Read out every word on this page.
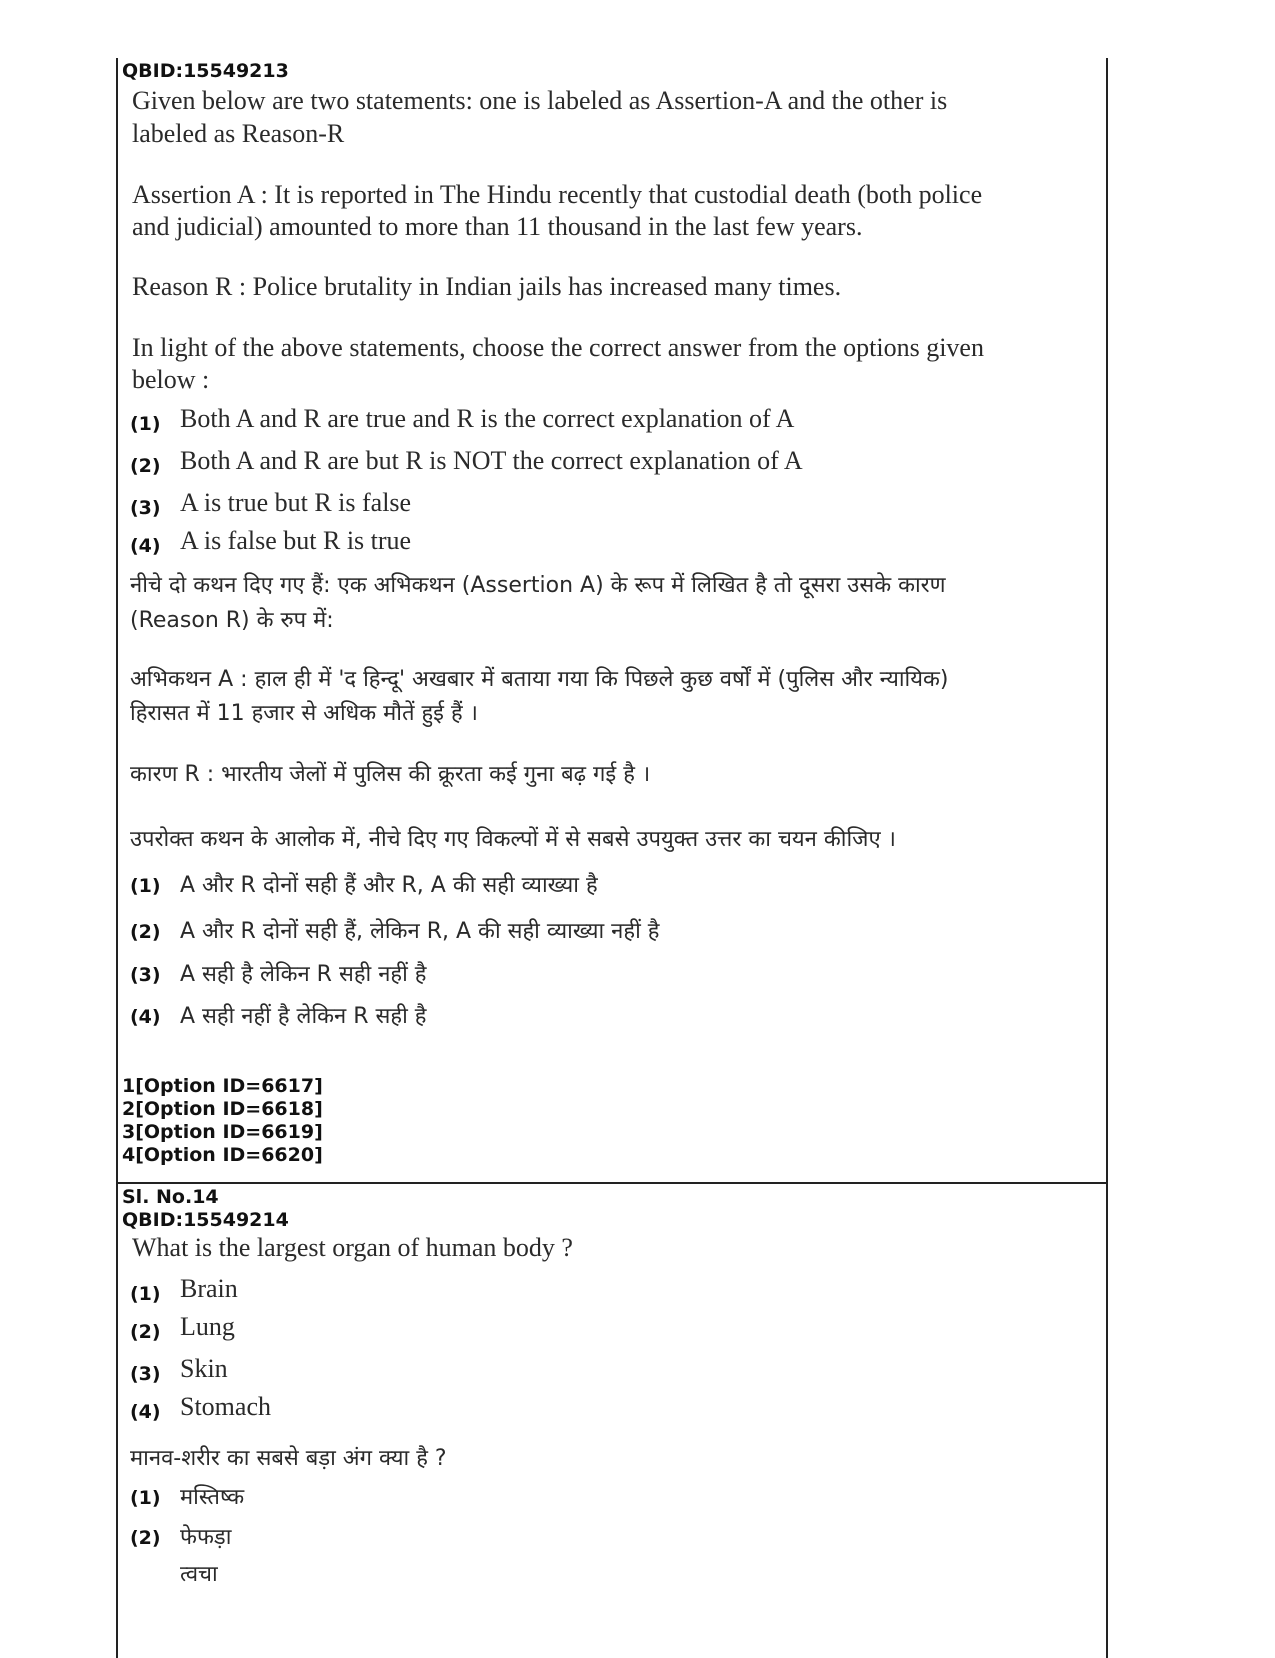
QBID:15549213
Given below are two statements: one is labeled as Assertion-A and the other is
labeled as Reason-R
Assertion A : It is reported in The Hindu recently that custodial death (both police
and judicial) amounted to more than 11 thousand in the last few years.
Reason R : Police brutality in Indian jails has increased many times.
In light of the above statements, choose the correct answer from the options given
below :
(1) Both A and R are true and R is the correct explanation of A
(2) Both A and R are but R is NOT the correct explanation of A
(3) A is true but R is false
(4) A is false but R is true
नीचे दो कथन दिए गए हैं: एक अभिकथन (Assertion A) के रूप में लिखित है तो दूसरा उसके कारण
(Reason R) के रुप में:
अभिकथन A : हाल ही में 'द हिन्दू' अखबार में बताया गया कि पिछले कुछ वर्षों में (पुलिस और न्यायिक)
हिरासत में 11 हजार से अधिक मौतें हुई हैं ।
कारण R : भारतीय जेलों में पुलिस की क्रूरता कई गुना बढ़ गई है ।
उपरोक्त कथन के आलोक में, नीचे दिए गए विकल्पों में से सबसे उपयुक्त उत्तर का चयन कीजिए ।
(1) A और R दोनों सही हैं और R, A की सही व्याख्या है
(2) A और R दोनों सही हैं, लेकिन R, A की सही व्याख्या नहीं है
(3) A सही है लेकिन R सही नहीं है
(4) A सही नहीं है लेकिन R सही है
1[Option ID=6617]
2[Option ID=6618]
3[Option ID=6619]
4[Option ID=6620]
Sl. No.14
QBID:15549214
What is the largest organ of human body ?
(1) Brain
(2) Lung
(3) Skin
(4) Stomach
मानव-शरीर का सबसे बड़ा अंग क्या है ?
(1) मस्तिष्क
(2) फेफड़ा
त्वचा
